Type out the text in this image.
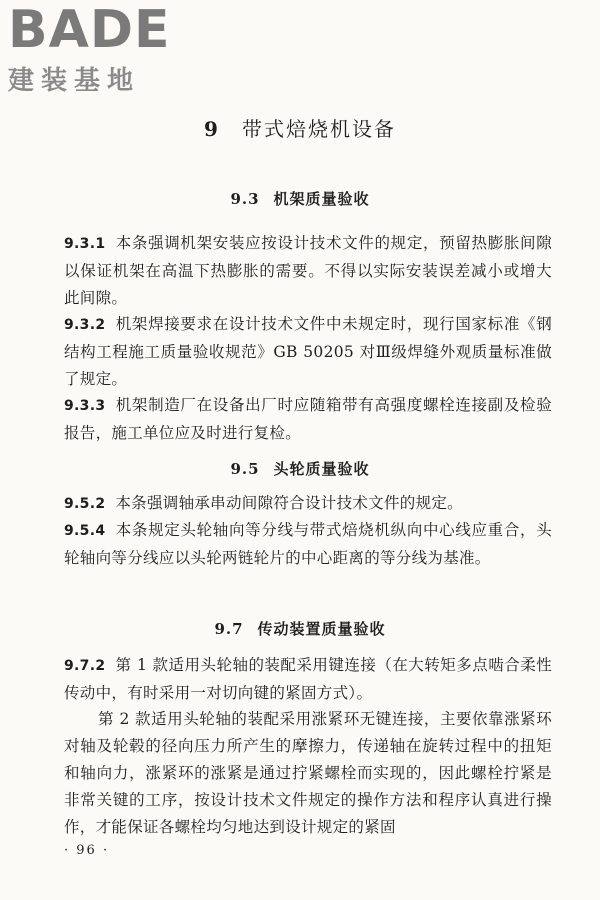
BADE
建装基地
9 带式焙烧机设备
9.3 机架质量验收

9.3.1 本条强调机架安装应按设计技术文件的规定，预留热膨胀间隙以保证机架在高温下热膨胀的需要。不得以实际安装误差减小或增大此间隙。

9.3.2 机架焊接要求在设计技术文件中未规定时，现行国家标准《钢结构工程施工质量验收规范》GB 50205 对Ⅲ级焊缝外观质量标准做了规定。

9.3.3 机架制造厂在设备出厂时应随箱带有高强度螺栓连接副及检验报告，施工单位应及时进行复检。

9.5 头轮质量验收

9.5.2 本条强调轴承串动间隙符合设计技术文件的规定。

9.5.4 本条规定头轮轴向等分线与带式焙烧机纵向中心线应重合，头轮轴向等分线应以头轮两链轮片的中心距离的等分线为基准。

9.7 传动装置质量验收

9.7.2 第 1 款适用头轮轴的装配采用键连接（在大转矩多点啮合柔性传动中，有时采用一对切向键的紧固方式）。

第 2 款适用头轮轴的装配采用涨紧环无键连接，主要依靠涨紧环对轴及轮毂的径向压力所产生的摩擦力，传递轴在旋转过程中的扭矩和轴向力，涨紧环的涨紧是通过拧紧螺栓而实现的，因此螺栓拧紧是非常关键的工序，按设计技术文件规定的操作方法和程序认真进行操作，才能保证各螺栓均匀地达到设计规定的紧固

· 96 ·
